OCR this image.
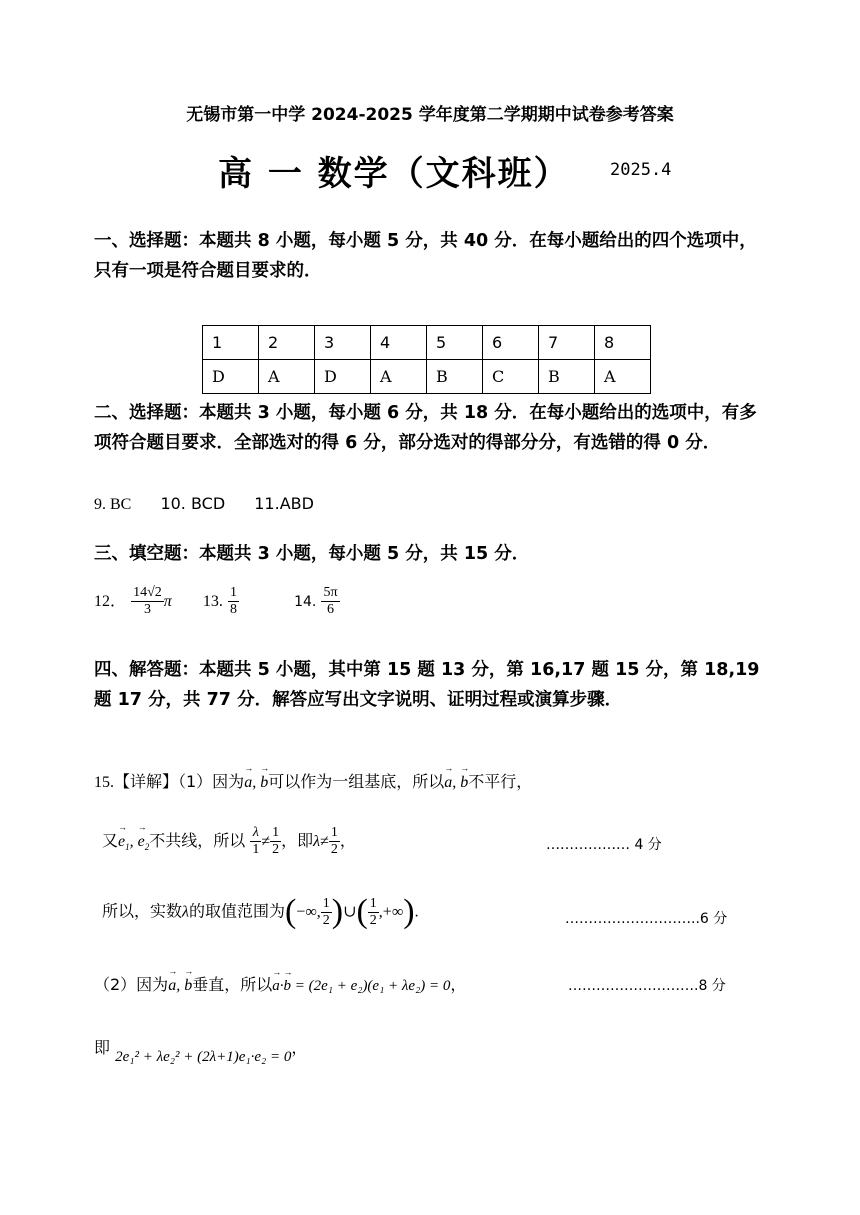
无锡市第一中学 2024-2025 学年度第二学期期中试卷参考答案
高 一 数学（文科班） 2025.4
一、选择题：本题共 8 小题，每小题 5 分，共 40 分．在每小题给出的四个选项中，只有一项是符合题目要求的．
1	2	3	4	5	6	7	8
D	A	D	A	B	C	B	A
二、选择题：本题共 3 小题，每小题 6 分，共 18 分．在每小题给出的选项中，有多项符合题目要求．全部选对的得 6 分，部分选对的得部分分，有选错的得 0 分．
9. BC 10. BCD 11.ABD
三、填空题：本题共 3 小题，每小题 5 分，共 15 分．
12． $\frac{14√2}{3}$ π 13. $\frac{1}{8}$	14. $\frac{5\pi}{6}$
四、解答题：本题共 5 小题，其中第 15 题 13 分，第 16,17 题 15 分，第 18,19 题 17 分，共 77 分．解答应写出文字说明、证明过程或演算步骤．
15.【详解】（1）因为→ a, → b可以作为一组基底，所以→ a, → b不平行，
又→ $e_1$, → $e_2$不共线，所以 $\frac{\lambda}{1} \ne \frac{1}{2}$ ，即$\lambda\ne \frac{1}{2}$ ，	……………… 4 分
所以，实数λ的取值范围为(−∞, $\frac{1}{2}$ )∪( $\frac{1}{2}$ ,+∞).	………………………..6 分
（2）因为→ a, → b垂直，所以→ a·→ b = (2e₁ + e₂)(e₁ + λe₂) = 0，	……………………….8 分
即 2e₁² + λe₂² + (2λ+1)e₁·e₂ = 0，
